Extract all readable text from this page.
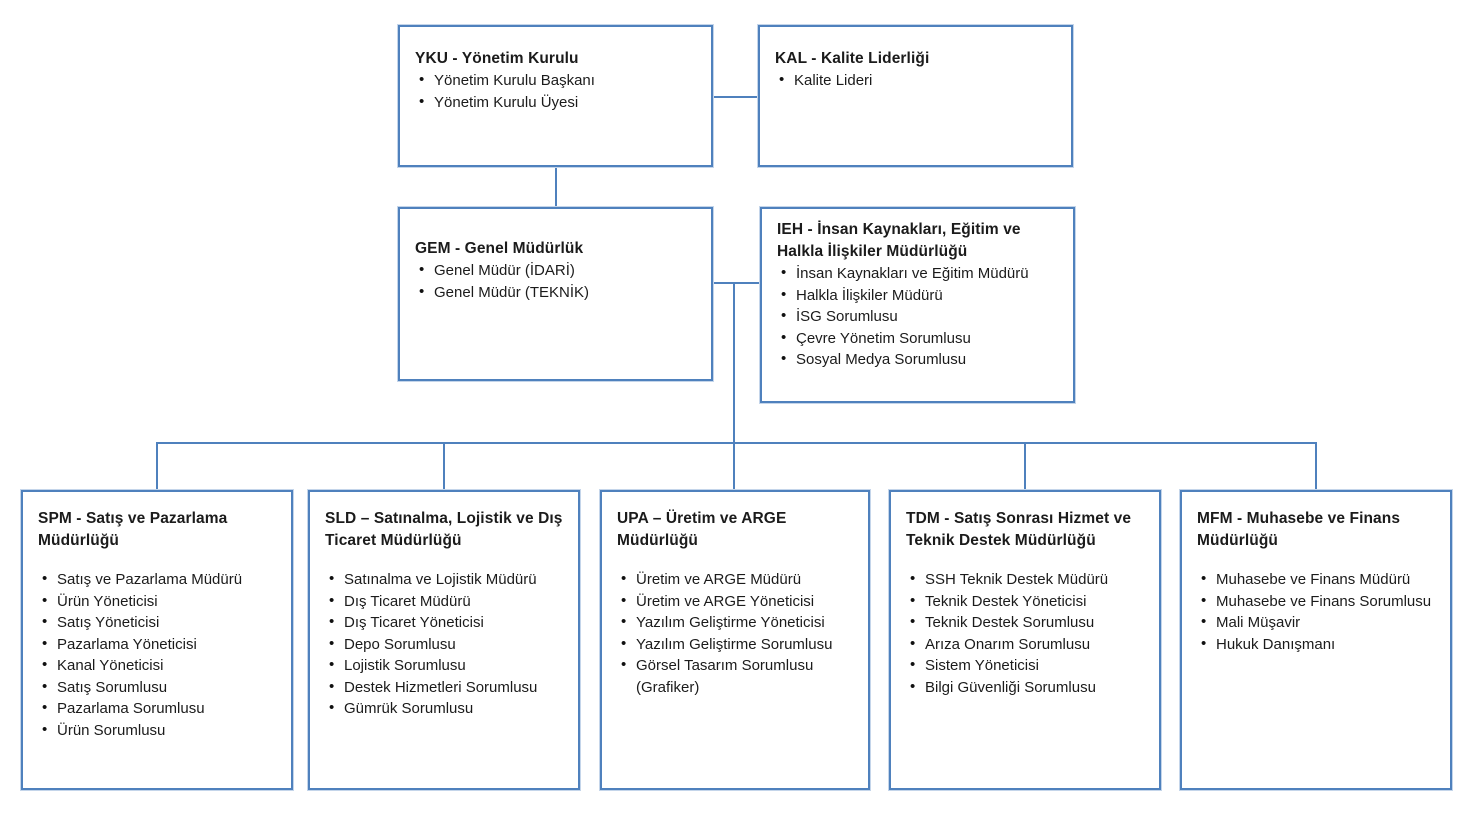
YKU - Yönetim Kurulu
• Yönetim Kurulu Başkanı
• Yönetim Kurulu Üyesi
KAL - Kalite Liderliği
• Kalite Lideri
GEM - Genel Müdürlük
• Genel Müdür (İDARİ)
• Genel Müdür (TEKNİK)
IEH - İnsan Kaynakları, Eğitim ve Halkla İlişkiler Müdürlüğü
• İnsan Kaynakları ve Eğitim Müdürü
• Halkla İlişkiler Müdürü
• İSG Sorumlusu
• Çevre Yönetim Sorumlusu
• Sosyal Medya Sorumlusu
SPM - Satış ve Pazarlama Müdürlüğü
• Satış ve Pazarlama Müdürü
• Ürün Yöneticisi
• Satış Yöneticisi
• Pazarlama Yöneticisi
• Kanal Yöneticisi
• Satış Sorumlusu
• Pazarlama Sorumlusu
• Ürün Sorumlusu
SLD – Satınalma, Lojistik ve Dış Ticaret Müdürlüğü
• Satınalma ve Lojistik Müdürü
• Dış Ticaret Müdürü
• Dış Ticaret Yöneticisi
• Depo Sorumlusu
• Lojistik Sorumlusu
• Destek Hizmetleri Sorumlusu
• Gümrük Sorumlusu
UPA – Üretim ve ARGE Müdürlüğü
• Üretim ve ARGE Müdürü
• Üretim ve ARGE Yöneticisi
• Yazılım Geliştirme Yöneticisi
• Yazılım Geliştirme Sorumlusu
• Görsel Tasarım Sorumlusu (Grafiker)
TDM - Satış Sonrası Hizmet ve Teknik Destek Müdürlüğü
• SSH Teknik Destek Müdürü
• Teknik Destek Yöneticisi
• Teknik Destek Sorumlusu
• Arıza Onarım Sorumlusu
• Sistem Yöneticisi
• Bilgi Güvenliği Sorumlusu
MFM - Muhasebe ve Finans Müdürlüğü
• Muhasebe ve Finans Müdürü
• Muhasebe ve Finans Sorumlusu
• Mali Müşavir
• Hukuk Danışmanı
